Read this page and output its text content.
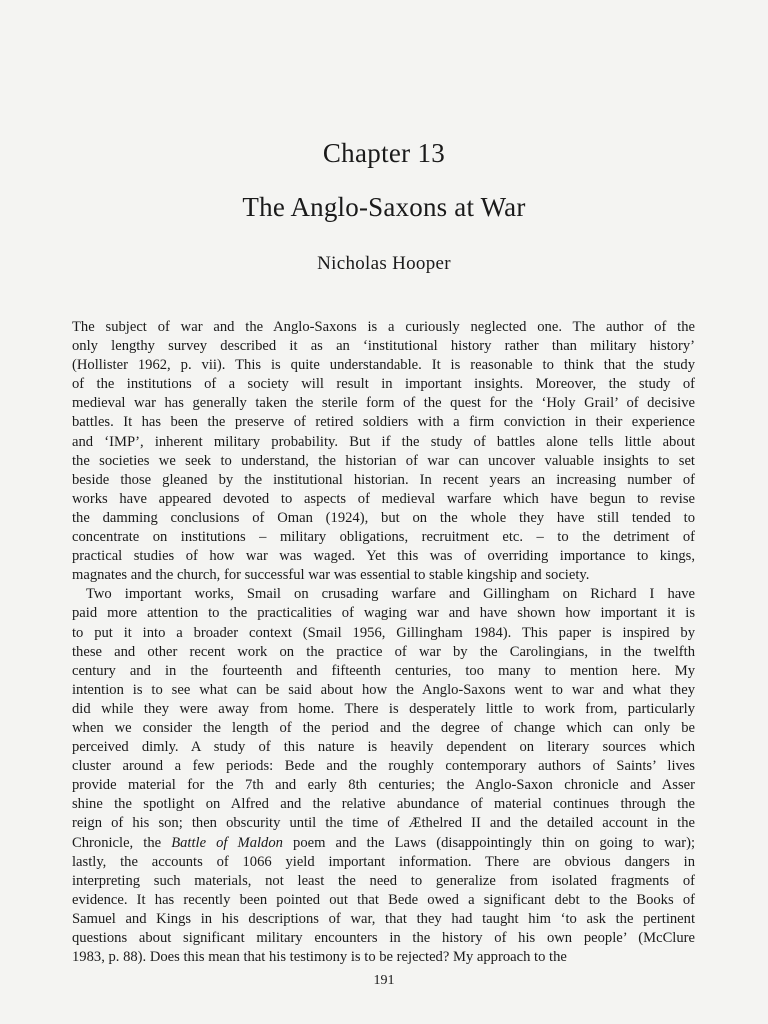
Chapter 13
The Anglo-Saxons at War
Nicholas Hooper
The subject of war and the Anglo-Saxons is a curiously neglected one. The author of the
only lengthy survey described it as an ‘institutional history rather than military history’
(Hollister 1962, p. vii). This is quite understandable. It is reasonable to think that the study
of the institutions of a society will result in important insights. Moreover, the study of
medieval war has generally taken the sterile form of the quest for the ‘Holy Grail’ of decisive
battles. It has been the preserve of retired soldiers with a firm conviction in their experience
and ‘IMP’, inherent military probability. But if the study of battles alone tells little about
the societies we seek to understand, the historian of war can uncover valuable insights to set
beside those gleaned by the institutional historian. In recent years an increasing number of
works have appeared devoted to aspects of medieval warfare which have begun to revise
the damming conclusions of Oman (1924), but on the whole they have still tended to
concentrate on institutions – military obligations, recruitment etc. – to the detriment of
practical studies of how war was waged. Yet this was of overriding importance to kings,
magnates and the church, for successful war was essential to stable kingship and society.
Two important works, Smail on crusading warfare and Gillingham on Richard I have
paid more attention to the practicalities of waging war and have shown how important it is
to put it into a broader context (Smail 1956, Gillingham 1984). This paper is inspired by
these and other recent work on the practice of war by the Carolingians, in the twelfth
century and in the fourteenth and fifteenth centuries, too many to mention here. My
intention is to see what can be said about how the Anglo-Saxons went to war and what they
did while they were away from home. There is desperately little to work from, particularly
when we consider the length of the period and the degree of change which can only be
perceived dimly. A study of this nature is heavily dependent on literary sources which
cluster around a few periods: Bede and the roughly contemporary authors of Saints’ lives
provide material for the 7th and early 8th centuries; the Anglo-Saxon chronicle and Asser
shine the spotlight on Alfred and the relative abundance of material continues through the
reign of his son; then obscurity until the time of Æthelred II and the detailed account in the
Chronicle, the Battle of Maldon poem and the Laws (disappointingly thin on going to war);
lastly, the accounts of 1066 yield important information. There are obvious dangers in
interpreting such materials, not least the need to generalize from isolated fragments of
evidence. It has recently been pointed out that Bede owed a significant debt to the Books of
Samuel and Kings in his descriptions of war, that they had taught him ‘to ask the pertinent
questions about significant military encounters in the history of his own people’ (McClure
1983, p. 88). Does this mean that his testimony is to be rejected? My approach to the
191
